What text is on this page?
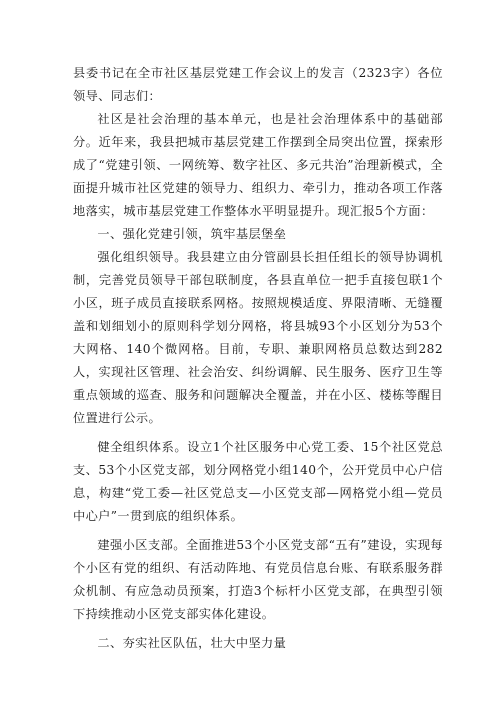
县委书记在全市社区基层党建工作会议上的发言（2323字）各位领导、同志们：

社区是社会治理的基本单元，也是社会治理体系中的基础部分。近年来，我县把城市基层党建工作摆到全局突出位置，探索形成了“党建引领、一网统筹、数字社区、多元共治”治理新模式，全面提升城市社区党建的领导力、组织力、牵引力，推动各项工作落地落实，城市基层党建工作整体水平明显提升。现汇报5个方面：

一、强化党建引领，筑牢基层堡垒

强化组织领导。我县建立由分管副县长担任组长的领导协调机制，完善党员领导干部包联制度，各县直单位一把手直接包联1个小区，班子成员直接联系网格。按照规模适度、界限清晰、无缝覆盖和划细划小的原则科学划分网格，将县城93个小区划分为53个大网格、140个微网格。目前，专职、兼职网格员总数达到282人，实现社区管理、社会治安、纠纷调解、民生服务、医疗卫生等重点领域的巡查、服务和问题解决全覆盖，并在小区、楼栋等醒目位置进行公示。

健全组织体系。设立1个社区服务中心党工委、15个社区党总支、53个小区党支部，划分网格党小组140个，公开党员中心户信息，构建“党工委—社区党总支—小区党支部—网格党小组—党员中心户”一贯到底的组织体系。

建强小区支部。全面推进53个小区党支部“五有”建设，实现每个小区有党的组织、有活动阵地、有党员信息台账、有联系服务群众机制、有应急动员预案，打造3个标杆小区党支部，在典型引领下持续推动小区党支部实体化建设。

二、夯实社区队伍，壮大中坚力量
